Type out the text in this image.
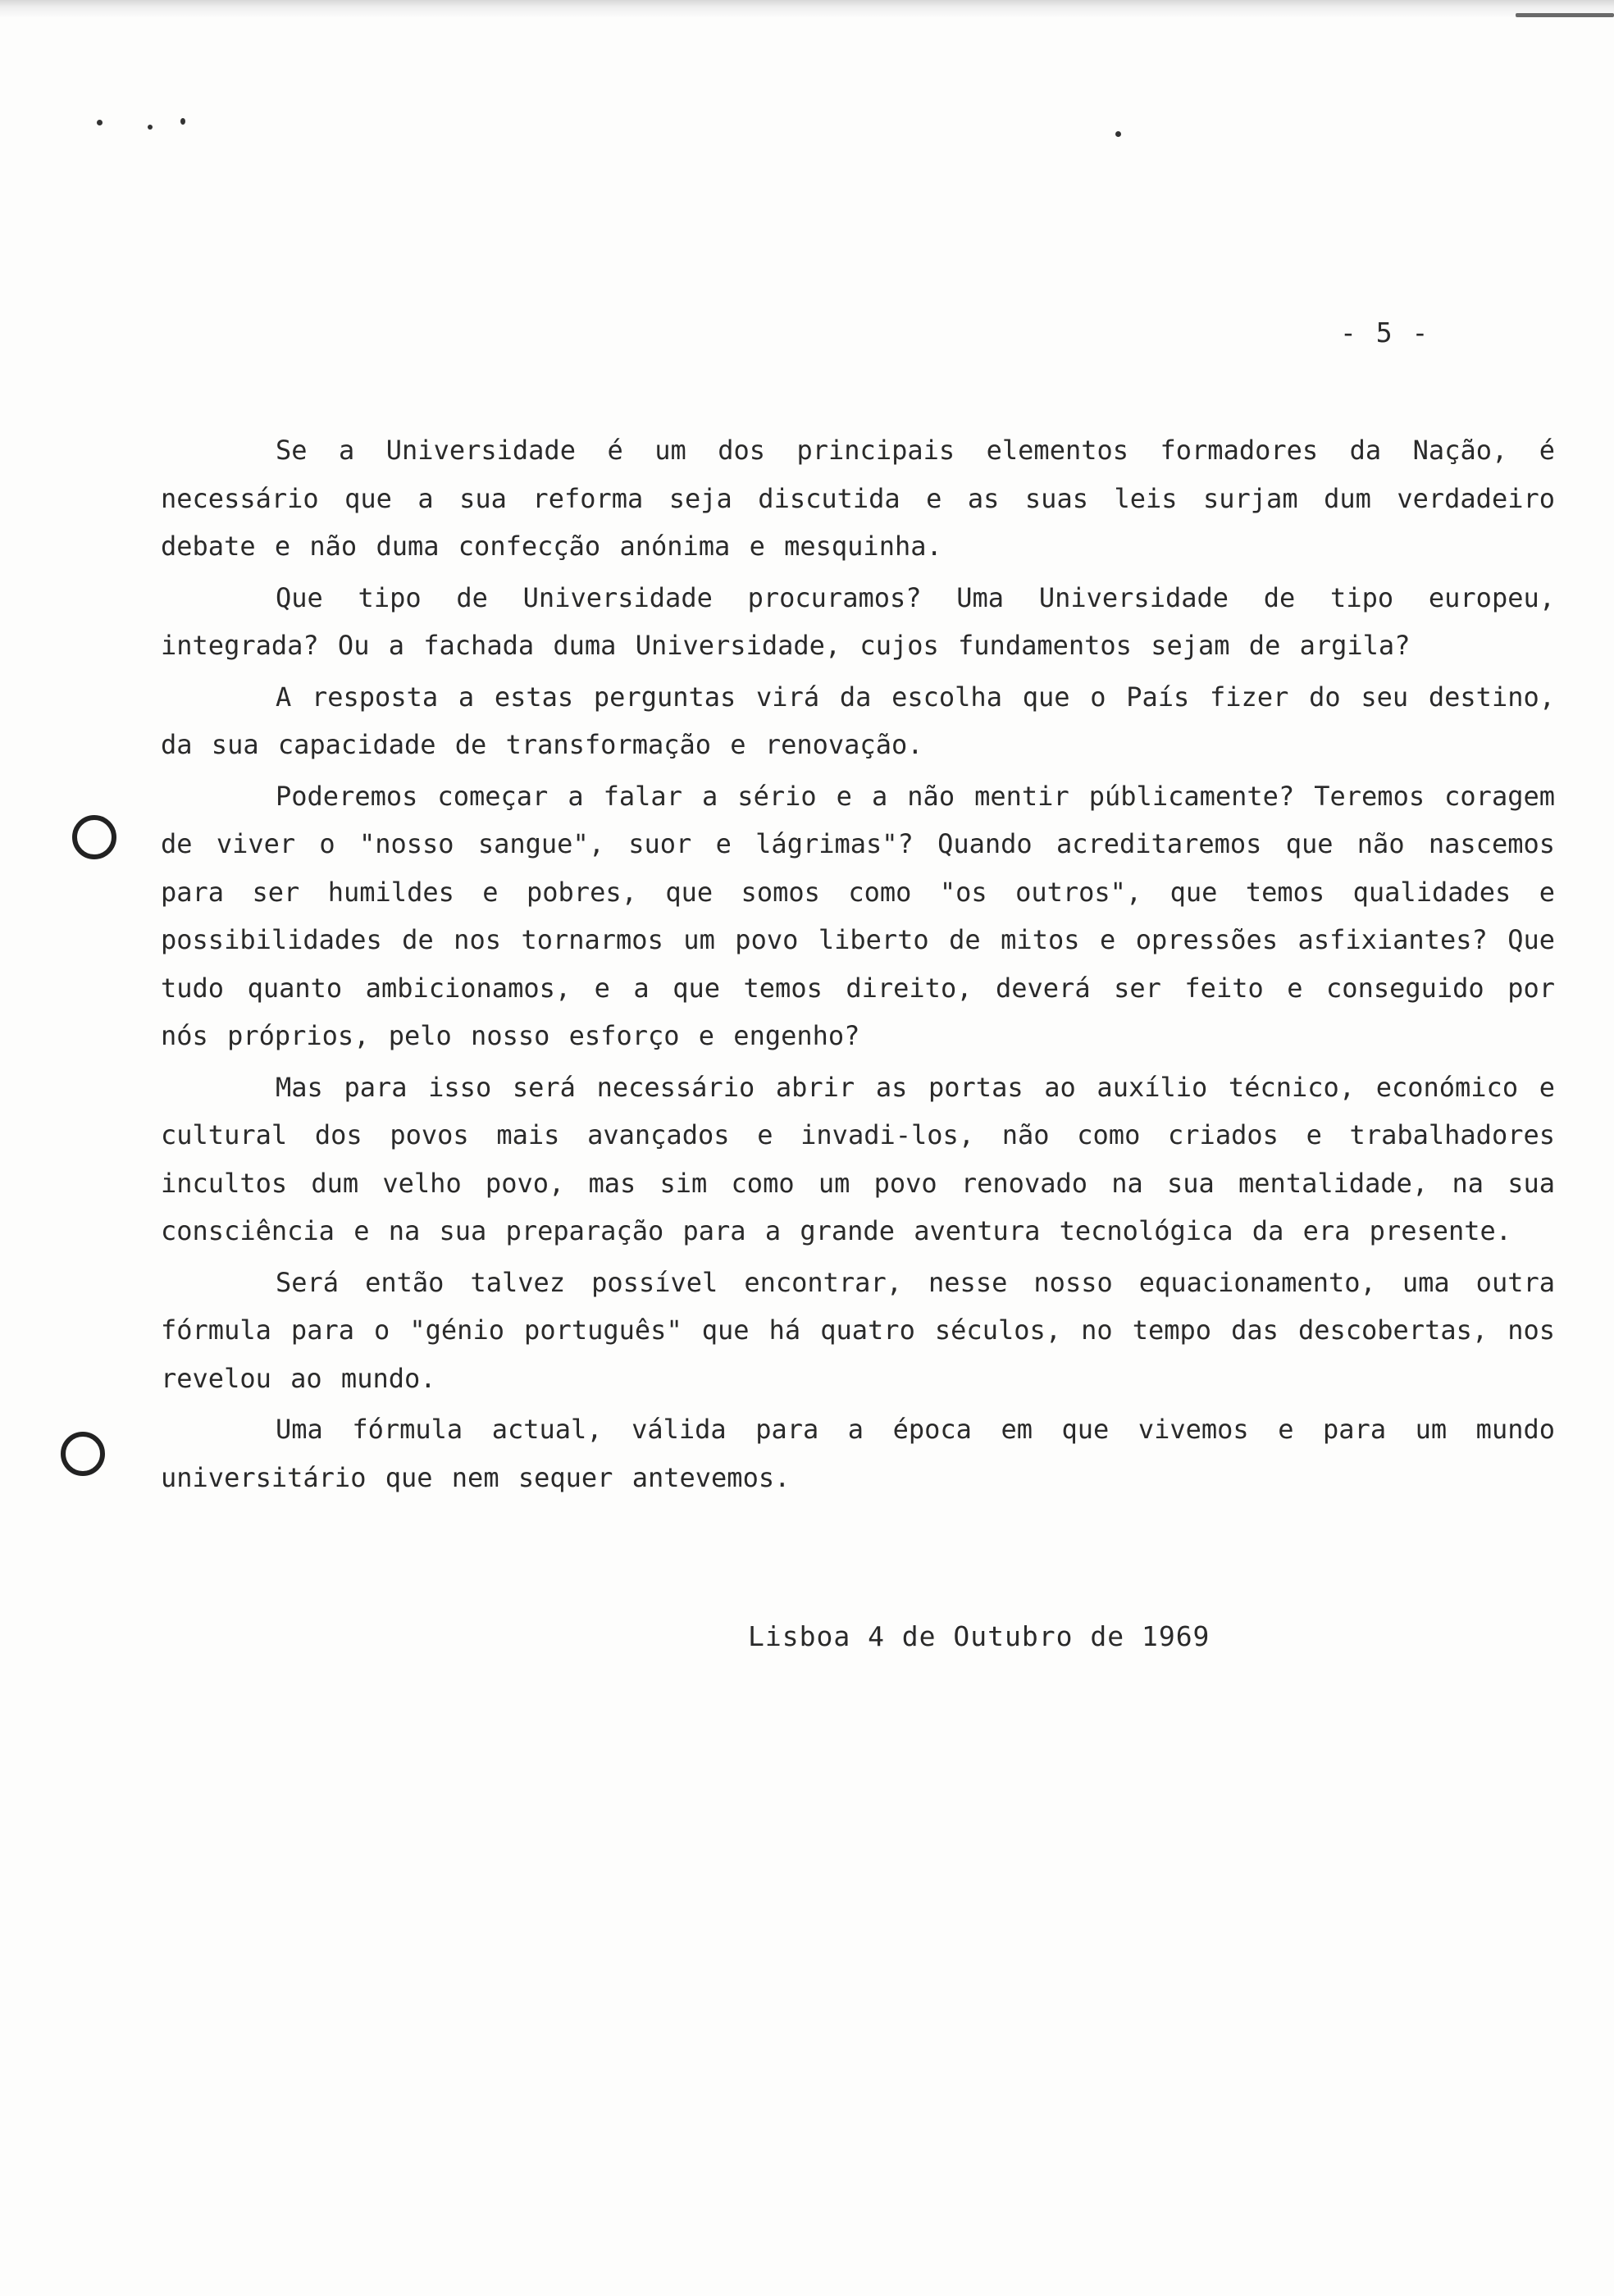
- 5 -

Se a Universidade é um dos principais elementos formadores da Nação, é necessário que a sua reforma seja discutida e as suas leis surjam dum verdadeiro debate e não duma confecção anónima e mesquinha.

Que tipo de Universidade procuramos? Uma Universidade de tipo europeu, integrada? Ou a fachada duma Universidade, cujos fundamentos sejam de argila?

A resposta a estas perguntas virá da escolha que o País fizer do seu destino, da sua capacidade de transformação e renovação.

Poderemos começar a falar a sério e a não mentir públicamente? Teremos coragem de viver o "nosso sangue", suor e lágrimas"? Quando acreditaremos que não nascemos para ser humildes e pobres, que somos como "os outros", que temos qualidades e possibilidades de nos tornarmos um povo liberto de mitos e opressões asfixiantes? Que tudo quanto ambicionamos, e a que temos direito, deverá ser feito e conseguido por nós próprios, pelo nosso esforço e engenho?

Mas para isso será necessário abrir as portas ao auxílio técnico, económico e cultural dos povos mais avançados e invadi-los, não como criados e trabalhadores incultos dum velho povo, mas sim como um povo renovado na sua mentalidade, na sua consciência e na sua preparação para a grande aventura tecnológica da era presente.

Será então talvez possível encontrar, nesse nosso equacionamento, uma outra fórmula para o "génio português" que há quatro séculos, no tempo das descobertas, nos revelou ao mundo.

Uma fórmula actual, válida para a época em que vivemos e para um mundo universitário que nem sequer antevemos.

Lisboa 4 de Outubro de 1969
